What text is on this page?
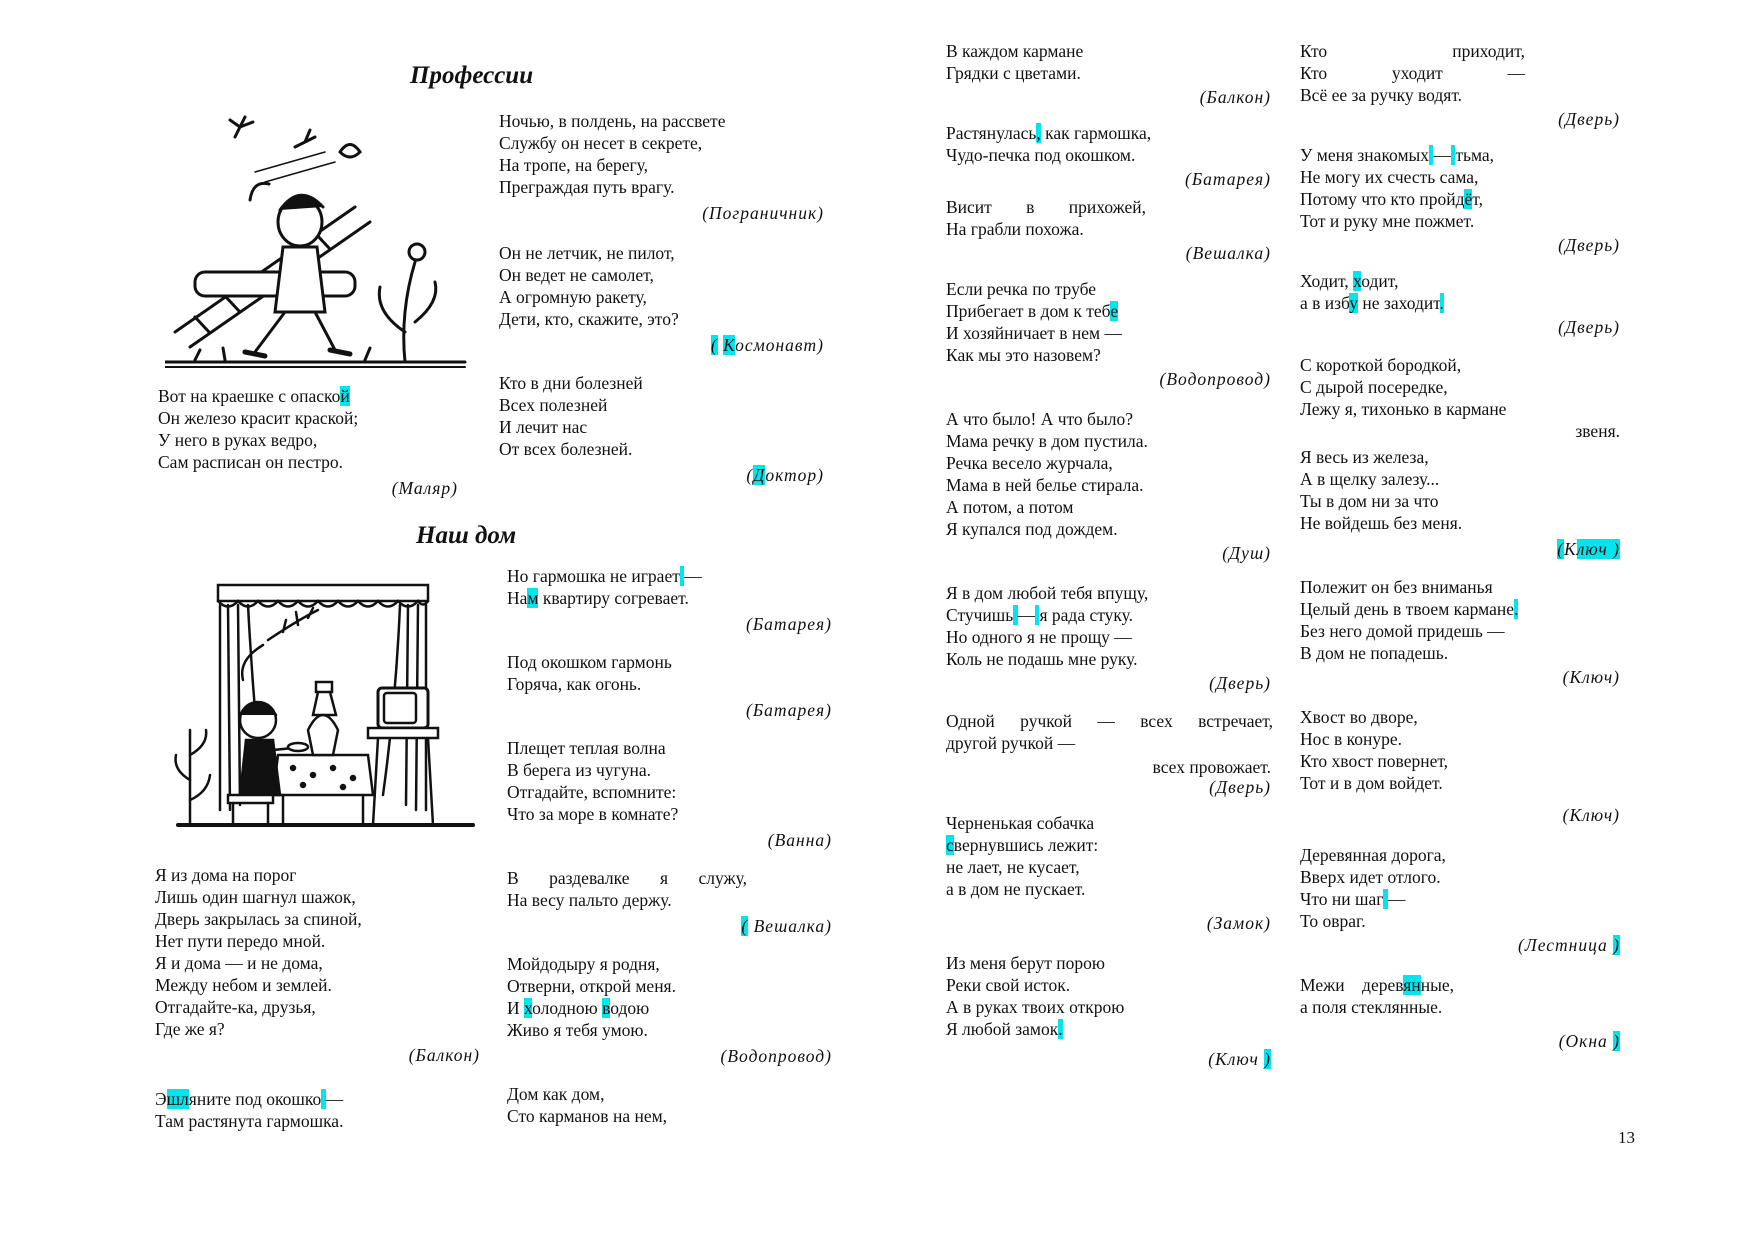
Профессии
Наш дом
Вот на краешке с опаской
Он железо красит краской;
У него в руках ведро,
Сам расписан он пестро.
(Маляр)
Ночью, в полдень, на рассвете
Службу он несет в секрете,
На тропе, на берегу,
Преграждая путь врагу.
(Пограничник)
Он не летчик, не пилот,
Он ведет не самолет,
А огромную ракету,
Дети, кто, скажите, это?
( Космонавт)
Кто в дни болезней
Всех полезней
И лечит нас
От всех болезней.
(Доктор)
Я из дома на порог
Лишь один шагнул шажок,
Дверь закрылась за спиной,
Нет пути передо мной.
Я и дома — и не дома,
Между небом и землей.
Отгадайте-ка, друзья,
Где же я?
(Балкон)
Эшляните под окошко —
Там растянута гармошка.
Но гармошка не играет —
Нам квартиру согревает.
(Батарея)
Под окошком гармонь
Горяча, как огонь.
(Батарея)
Плещет теплая волна
В берега из чугуна.
Отгадайте, вспомните:
Что за море в комнате?
(Ванна)
В раздевалке я служу,
На весу пальто держу.
( Вешалка)
Мойдодыру я родня,
Отверни, открой меня.
И холодною водою
Живо я тебя умою.
(Водопровод)
Дом как дом,
Сто карманов на нем,
В каждом кармане
Грядки с цветами.
(Балкон)
Растянулась, как гармошка,
Чудо-печка под окошком.
(Батарея)
Висит в прихожей,
На грабли похожа.
(Вешалка)
Если речка по трубе
Прибегает в дом к тебе
И хозяйничает в нем —
Как мы это назовем?
(Водопровод)
А что было! А что было?
Мама речку в дом пустила.
Речка весело журчала,
Мама в ней белье стирала.
А потом, а потом
Я купался под дождем.
(Душ)
Я в дом любой тебя впущу,
Стучишь — я рада стуку.
Но одного я не прощу —
Коль не подашь мне руку.
(Дверь)
Одной ручкой — всех встречает,
другой ручкой —
всех провожает.
(Дверь)
Черненькая собачка
свернувшись лежит:
не лает, не кусает,
а в дом не пускает.
(Замок)
Из меня берут порою
Реки свой исток.
А в руках твоих открою
Я любой замок.
(Ключ )
Кто приходит,
Кто уходит —
Всё ее за ручку водят.
(Дверь)
У меня знакомых — тьма,
Не могу их счесть сама,
Потому что кто пройдёт,
Тот и руку мне пожмет.
(Дверь)
Ходит, ходит,
а в избу не заходит.
(Дверь)
С короткой бородкой,
С дырой посередке,
Лежу я, тихонько в кармане
звеня.
Я весь из железа,
А в щелку залезу...
Ты в дом ни за что
Не войдешь без меня.
(Ключ )
Полежит он без вниманья
Целый день в твоем кармане.
Без него домой придешь —
В дом не попадешь.
(Ключ)
Хвост во дворе,
Нос в конуре.
Кто хвост повернет,
Тот и в дом войдет.
(Ключ)
Деревянная дорога,
Вверх идет отлого.
Что ни шаг —
То овраг.
(Лестница )
Межи    деревянные,
а поля стеклянные.
(Окна )
13
